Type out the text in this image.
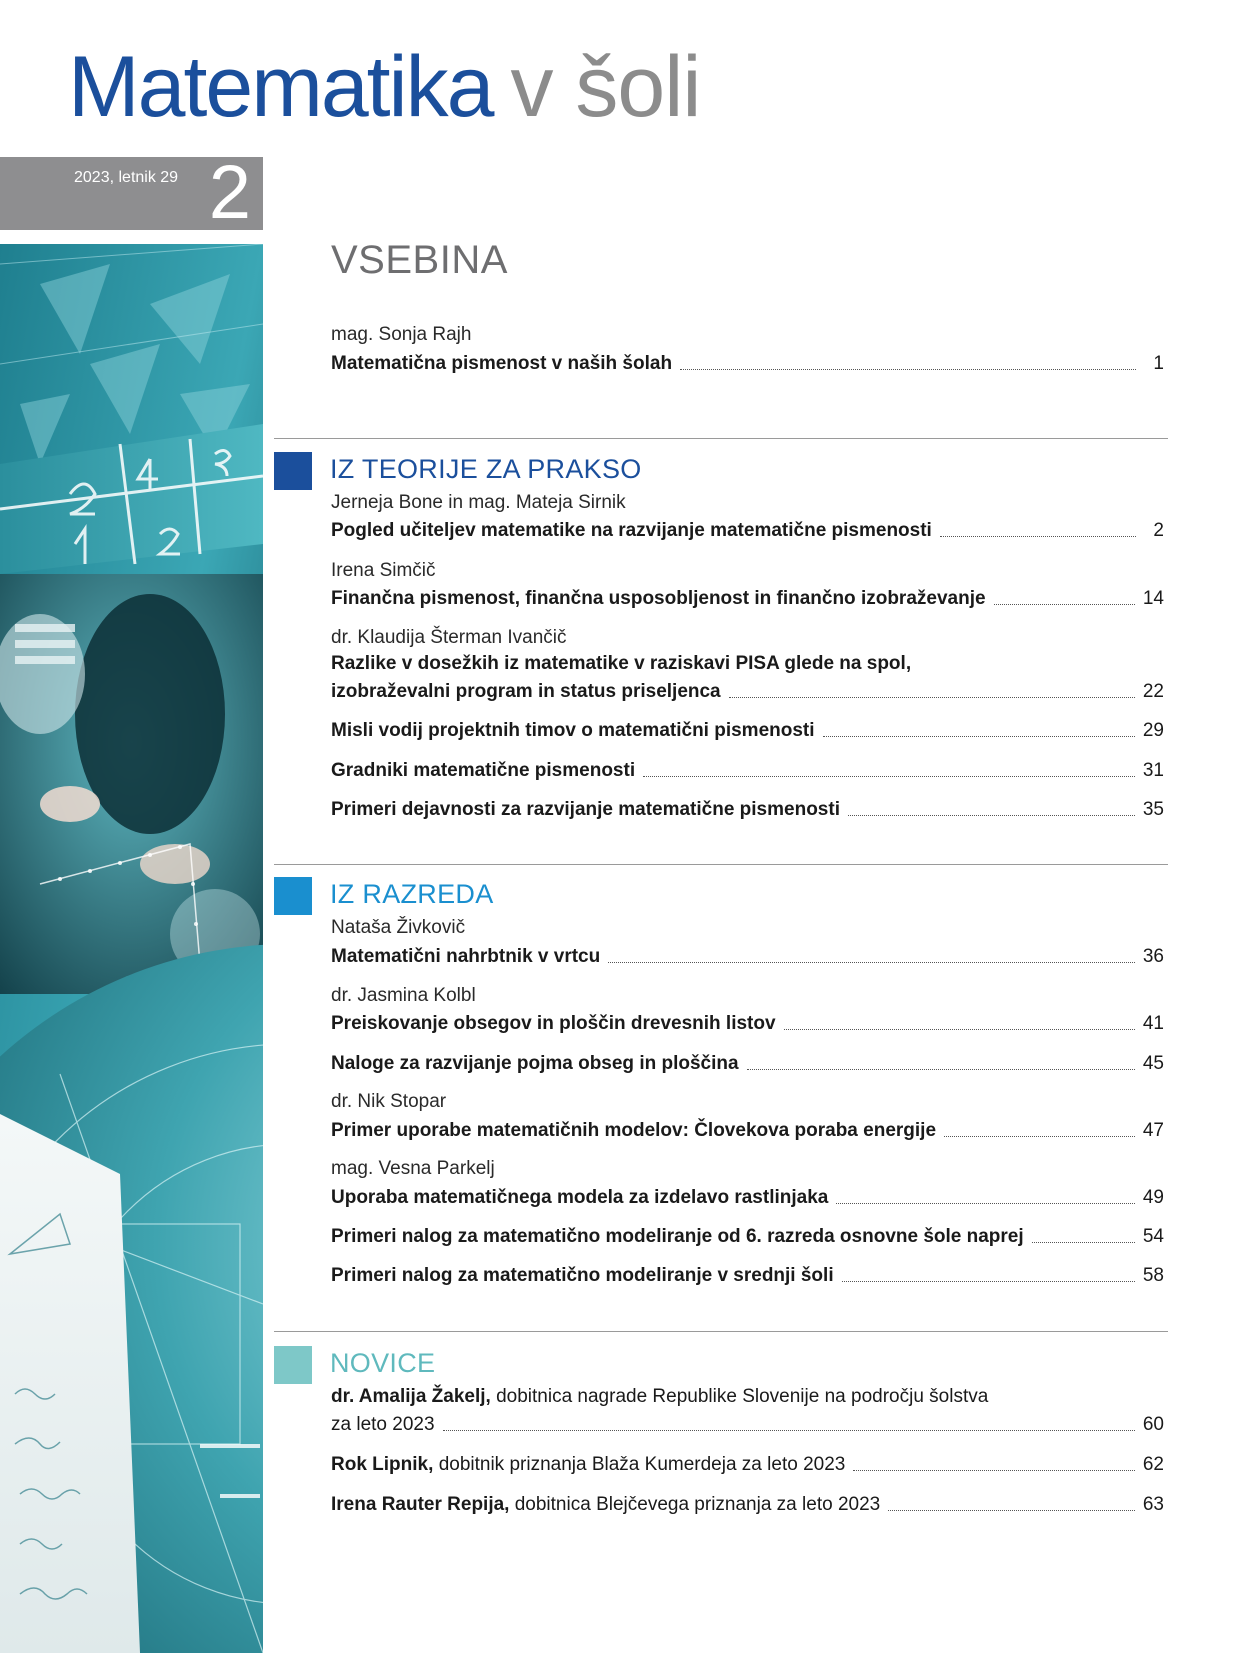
Matematika v šoli
2023, letnik 29 2
VSEBINA
mag. Sonja Rajh
Matematična pismenost v naših šolah	1
IZ TEORIJE ZA PRAKSO
Jerneja Bone in mag. Mateja Sirnik
Pogled učiteljev matematike na razvijanje matematične pismenosti	2
Irena Simčič
Finančna pismenost, finančna usposobljenost in finančno izobraževanje	14
dr. Klaudija Šterman Ivančič
Razlike v dosežkih iz matematike v raziskavi PISA glede na spol,
izobraževalni program in status priseljenca	22
Misli vodij projektnih timov o matematični pismenosti	29
Gradniki matematične pismenosti	31
Primeri dejavnosti za razvijanje matematične pismenosti	35
IZ RAZREDA
Nataša Živkovič
Matematični nahrbtnik v vrtcu	36
dr. Jasmina Kolbl
Preiskovanje obsegov in ploščin drevesnih listov	41
Naloge za razvijanje pojma obseg in ploščina	45
dr. Nik Stopar
Primer uporabe matematičnih modelov: Človekova poraba energije	47
mag. Vesna Parkelj
Uporaba matematičnega modela za izdelavo rastlinjaka	49
Primeri nalog za matematično modeliranje od 6. razreda osnovne šole naprej	54
Primeri nalog za matematično modeliranje v srednji šoli	58
NOVICE
dr. Amalija Žakelj, dobitnica nagrade Republike Slovenije na področju šolstva
za leto 2023	60
Rok Lipnik, dobitnik priznanja Blaža Kumerdeja za leto 2023	62
Irena Rauter Repija, dobitnica Blejčevega priznanja za leto 2023	63
